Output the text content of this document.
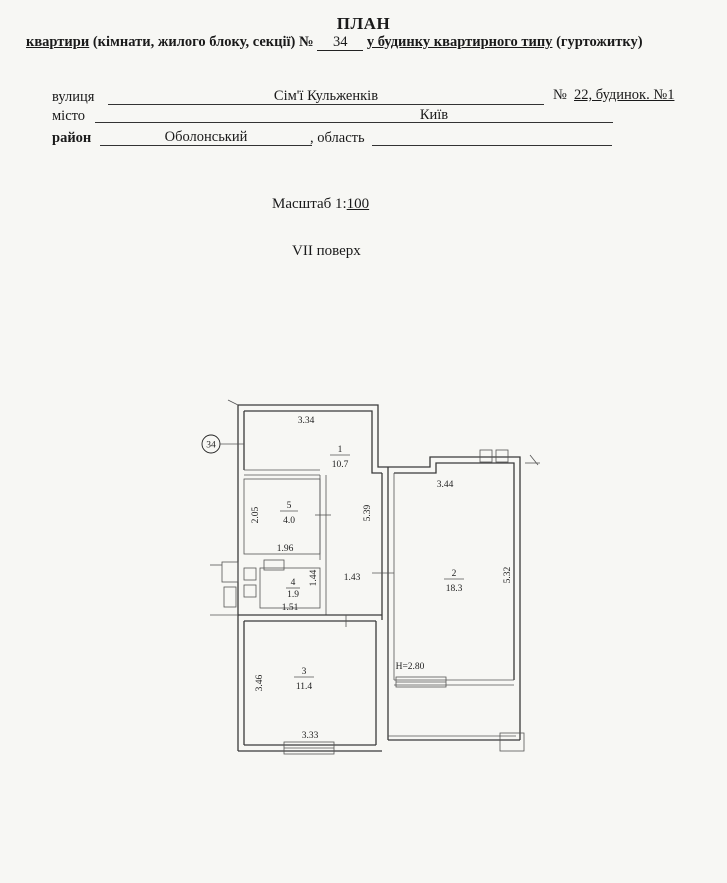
ПЛАН
квартири (кімнати, жилого блоку, секції) № 34 у будинку квартирного типу (гуртожитку)
вулиця	Сім'ї Кульженків	№ 22, будинок. №1
місто	Київ
район	Оболонський	, область
Масштаб 1:100
VII поверх
34
3.34
1
10.7
5.39
2.05
5
4.0
1.96
4
1.9
1.44
1.51
1.43
3.44
2
18.3
5.32
H=2.80
3.46
3
11.4
3.33
